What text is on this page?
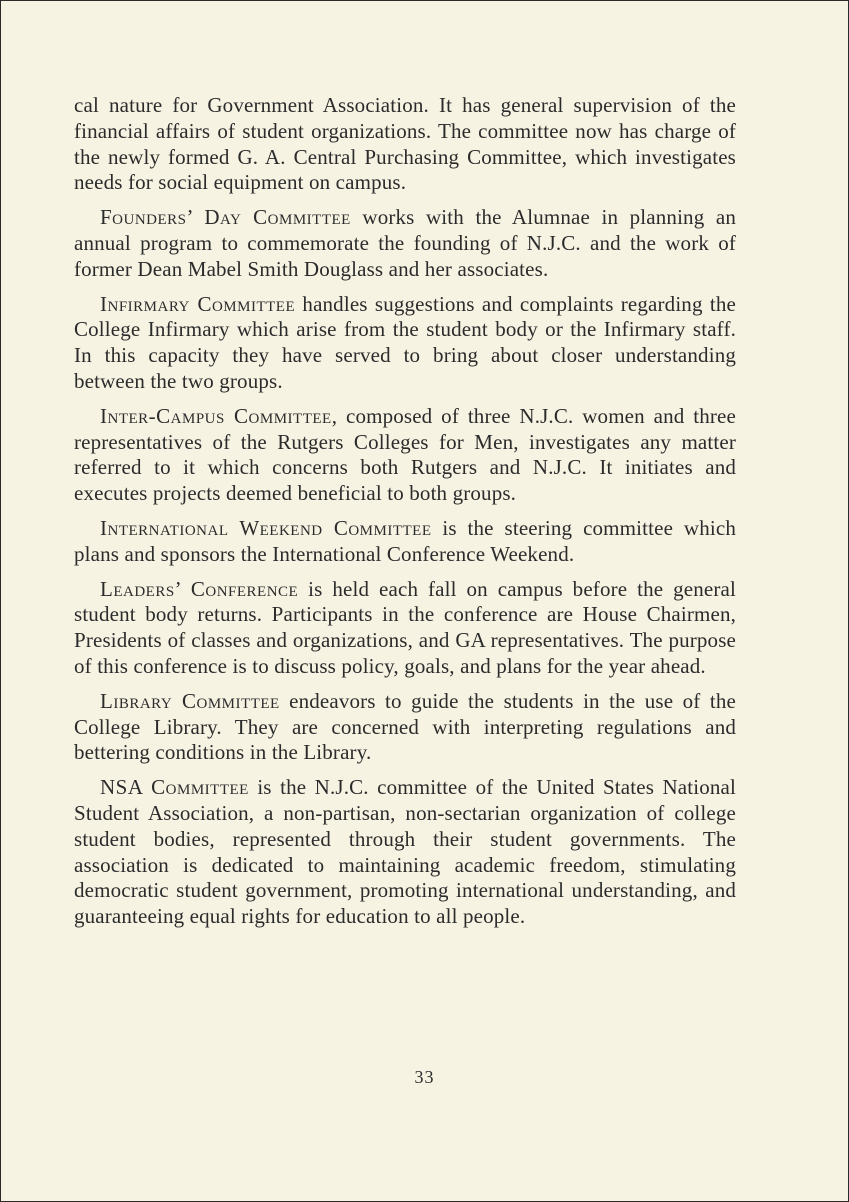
cal nature for Government Association. It has general supervision of the financial affairs of student organizations. The committee now has charge of the newly formed G. A. Central Purchasing Committee, which investigates needs for social equipment on campus.

Founders’ Day Committee works with the Alumnae in planning an annual program to commemorate the founding of N.J.C. and the work of former Dean Mabel Smith Douglass and her associates.

Infirmary Committee handles suggestions and complaints regarding the College Infirmary which arise from the student body or the Infirmary staff. In this capacity they have served to bring about closer understanding between the two groups.

Inter-Campus Committee, composed of three N.J.C. women and three representatives of the Rutgers Colleges for Men, investigates any matter referred to it which concerns both Rutgers and N.J.C. It initiates and executes projects deemed beneficial to both groups.

International Weekend Committee is the steering committee which plans and sponsors the International Conference Weekend.

Leaders’ Conference is held each fall on campus before the general student body returns. Participants in the conference are House Chairmen, Presidents of classes and organizations, and GA representatives. The purpose of this conference is to discuss policy, goals, and plans for the year ahead.

Library Committee endeavors to guide the students in the use of the College Library. They are concerned with interpreting regulations and bettering conditions in the Library.

NSA Committee is the N.J.C. committee of the United States National Student Association, a non-partisan, non-sectarian organization of college student bodies, represented through their student governments. The association is dedicated to maintaining academic freedom, stimulating democratic student government, promoting international understanding, and guaranteeing equal rights for education to all people.

33
